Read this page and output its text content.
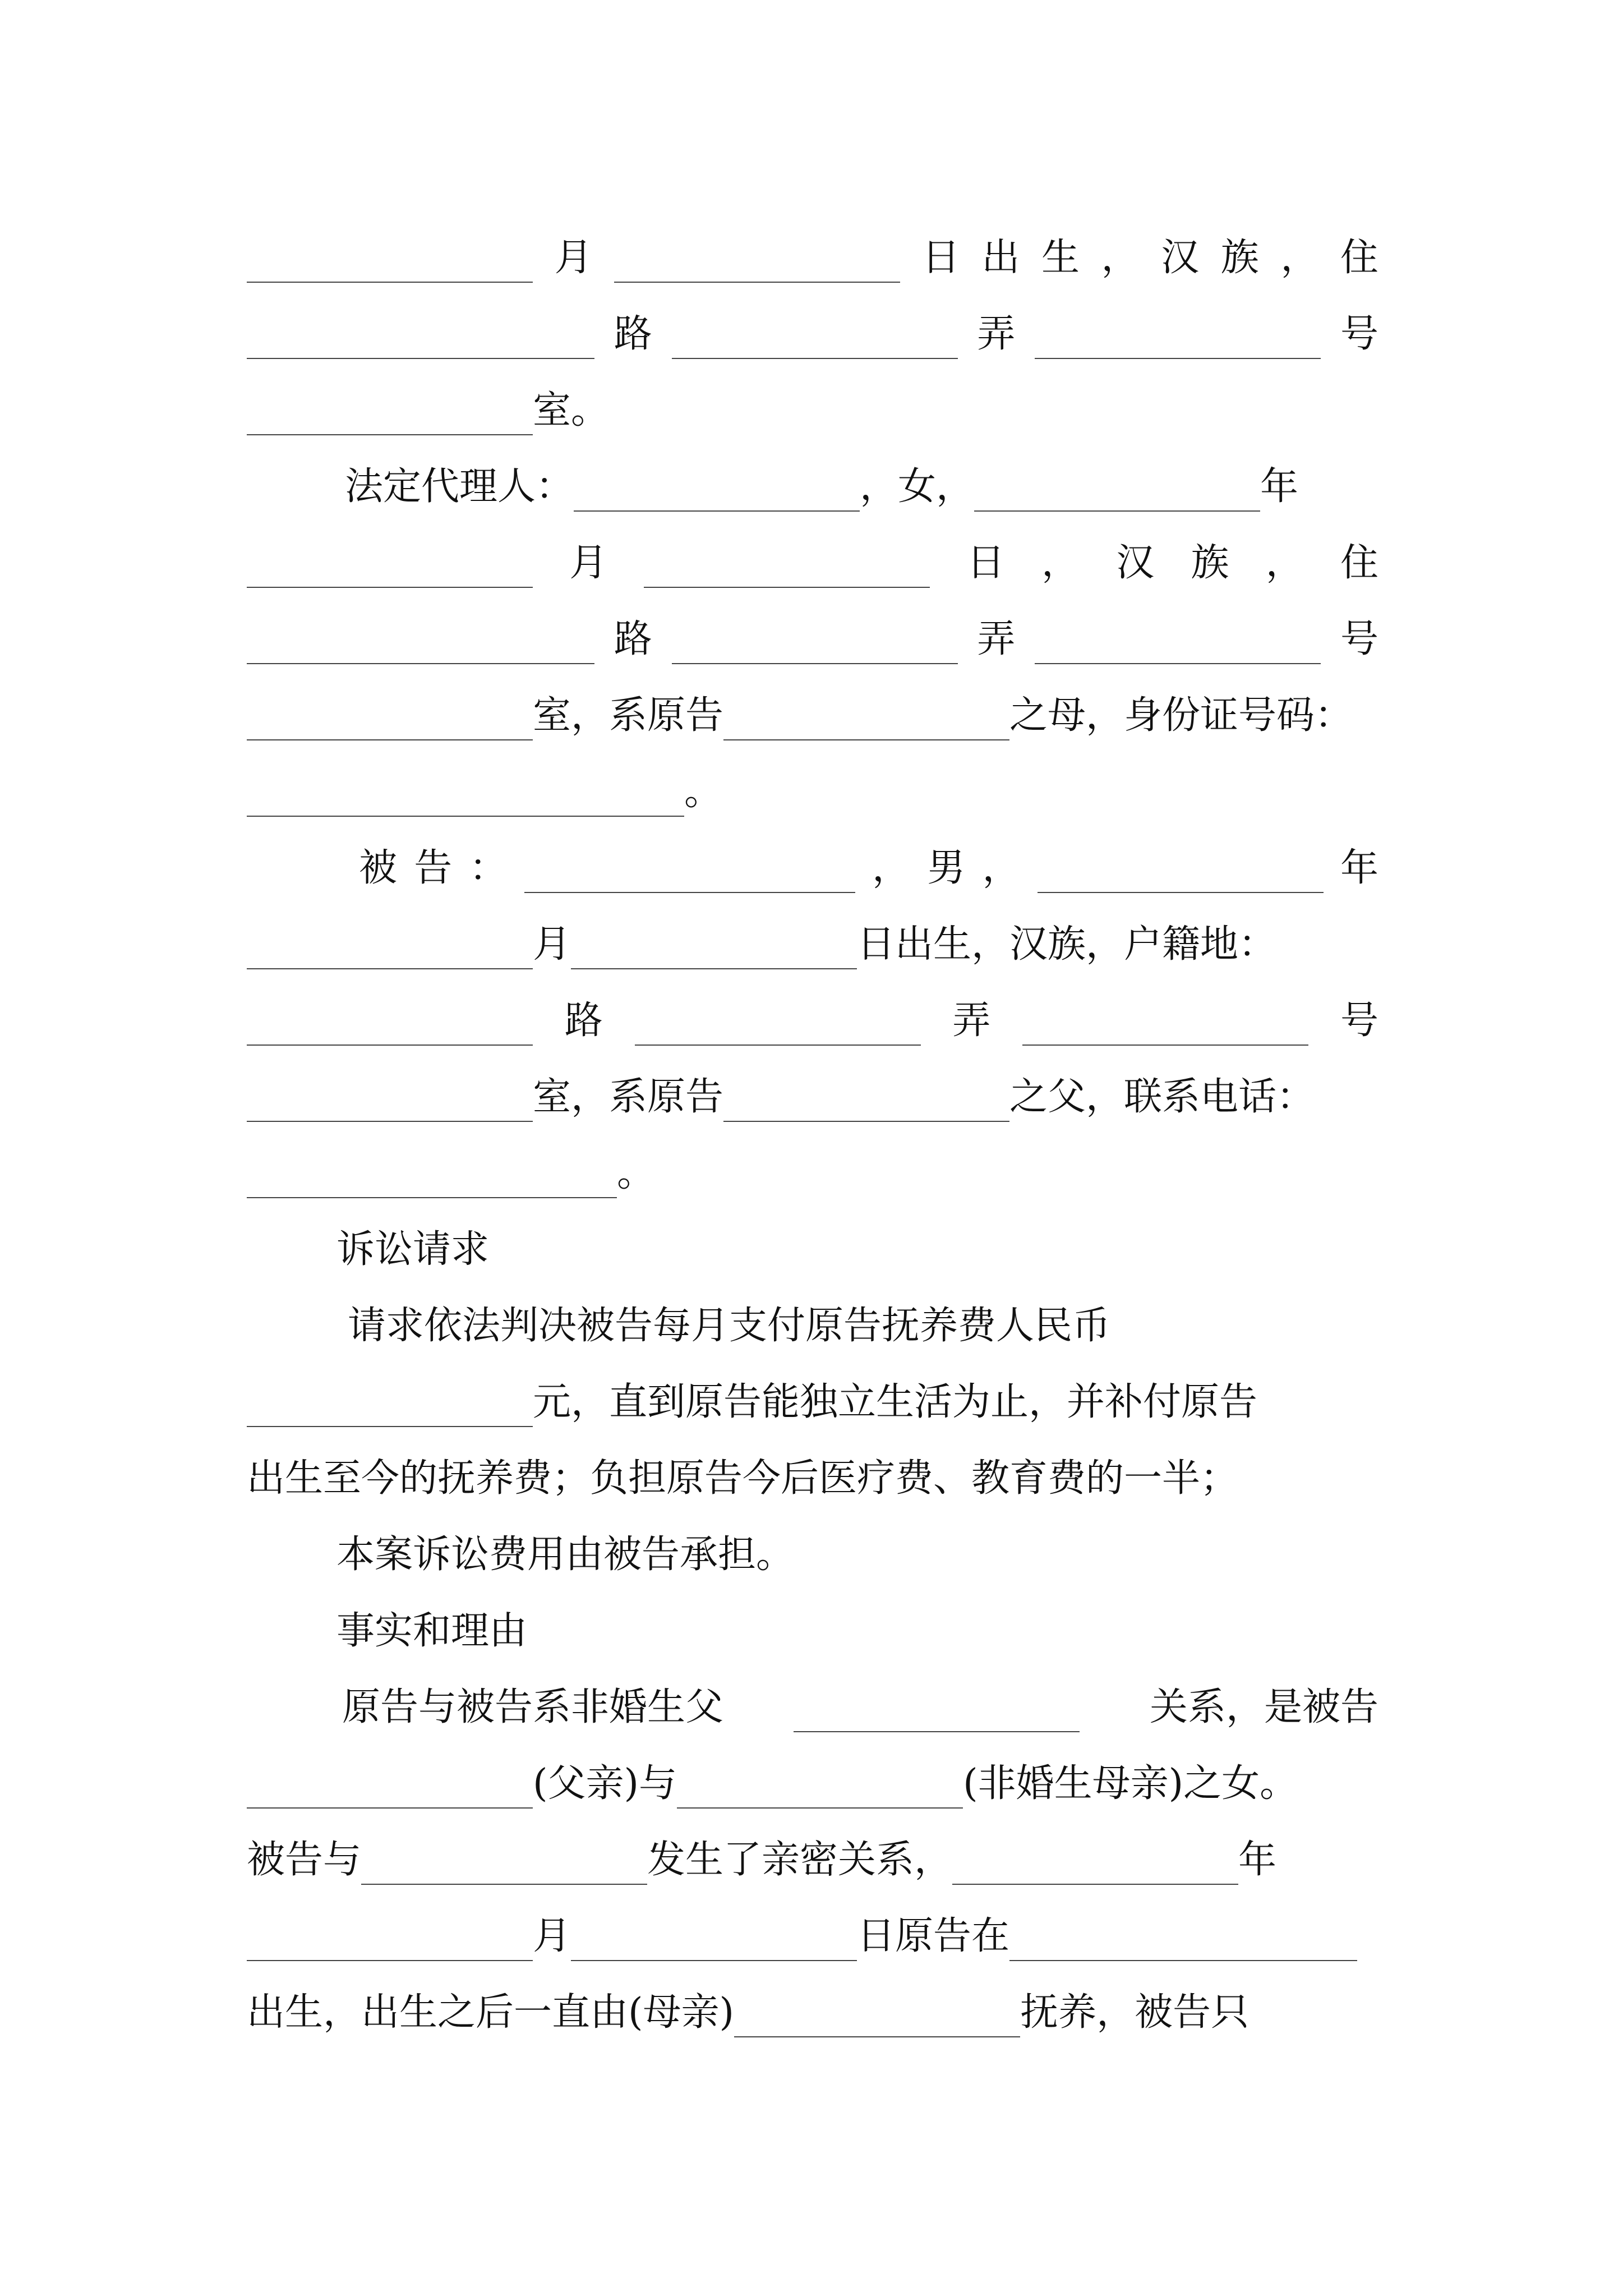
月	日 出 生 ， 汉 族 ， 住
路	弄	号
室。
法定代理人：	，女，	年
月	日 ， 汉 族 ， 住
路	弄	号
室，系原告	之母，身份证号码：
。
被 告 ：	， 男 ，	年
月	日出生，汉族，户籍地：
路	弄	号
室，系原告	之父，联系电话：
。
诉讼请求
请求依法判决被告每月支付原告抚养费人民币
元，直到原告能独立生活为止，并补付原告
出生至今的抚养费；负担原告今后医疗费、教育费的一半；
本案诉讼费用由被告承担。
事实和理由
原告与被告系非婚生父	关系，是被告
(父亲)与	(非婚生母亲)之女。
被告与	发生了亲密关系，	年
月	日原告在
出生，出生之后一直由(母亲)	抚养，被告只
